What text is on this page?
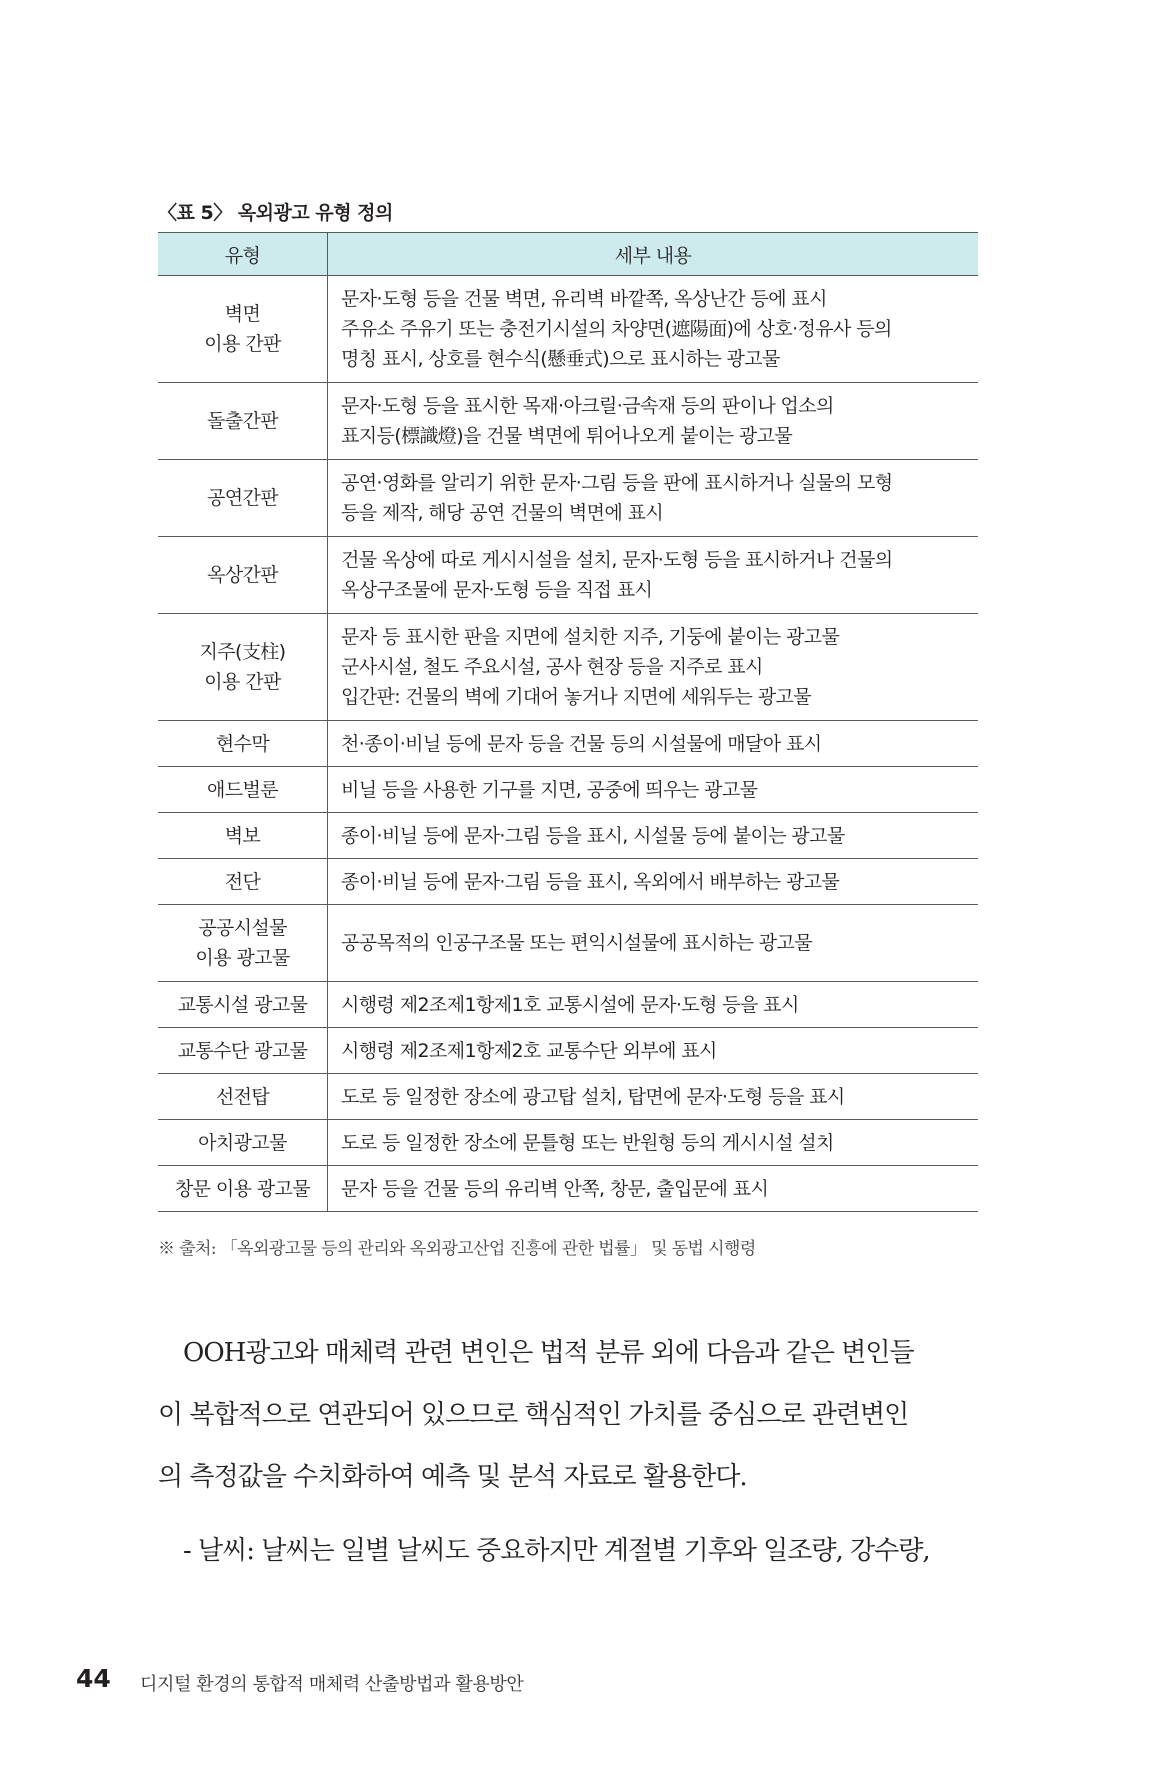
〈표 5〉 옥외광고 유형 정의
유형	세부 내용

벽면
이용 간판	문자·도형 등을 건물 벽면, 유리벽 바깥쪽, 옥상난간 등에 표시
주유소 주유기 또는 충전기시설의 차양면(遮陽面)에 상호·정유사 등의
명칭 표시, 상호를 현수식(懸垂式)으로 표시하는 광고물

돌출간판	문자·도형 등을 표시한 목재·아크릴·금속재 등의 판이나 업소의
표지등(標識燈)을 건물 벽면에 튀어나오게 붙이는 광고물

공연간판	공연·영화를 알리기 위한 문자·그림 등을 판에 표시하거나 실물의 모형
등을 제작, 해당 공연 건물의 벽면에 표시

옥상간판	건물 옥상에 따로 게시시설을 설치, 문자·도형 등을 표시하거나 건물의
옥상구조물에 문자·도형 등을 직접 표시

지주(支柱)
이용 간판	문자 등 표시한 판을 지면에 설치한 지주, 기둥에 붙이는 광고물
군사시설, 철도 주요시설, 공사 현장 등을 지주로 표시
입간판: 건물의 벽에 기대어 놓거나 지면에 세워두는 광고물

현수막	천·종이·비닐 등에 문자 등을 건물 등의 시설물에 매달아 표시

애드벌룬	비닐 등을 사용한 기구를 지면, 공중에 띄우는 광고물

벽보	종이·비닐 등에 문자·그림 등을 표시, 시설물 등에 붙이는 광고물

전단	종이·비닐 등에 문자·그림 등을 표시, 옥외에서 배부하는 광고물

공공시설물
이용 광고물	공공목적의 인공구조물 또는 편익시설물에 표시하는 광고물

교통시설 광고물	시행령 제2조제1항제1호 교통시설에 문자·도형 등을 표시

교통수단 광고물	시행령 제2조제1항제2호 교통수단 외부에 표시

선전탑	도로 등 일정한 장소에 광고탑 설치, 탑면에 문자·도형 등을 표시

아치광고물	도로 등 일정한 장소에 문틀형 또는 반원형 등의 게시시설 설치

창문 이용 광고물	문자 등을 건물 등의 유리벽 안쪽, 창문, 출입문에 표시
※ 출처: 「옥외광고물 등의 관리와 옥외광고산업 진흥에 관한 법률」 및 동법 시행령
　OOH광고와 매체력 관련 변인은 법적 분류 외에 다음과 같은 변인들
이 복합적으로 연관되어 있으므로 핵심적인 가치를 중심으로 관련변인
의 측정값을 수치화하여 예측 및 분석 자료로 활용한다.
　- 날씨: 날씨는 일별 날씨도 중요하지만 계절별 기후와 일조량, 강수량,
44 디지털 환경의 통합적 매체력 산출방법과 활용방안
